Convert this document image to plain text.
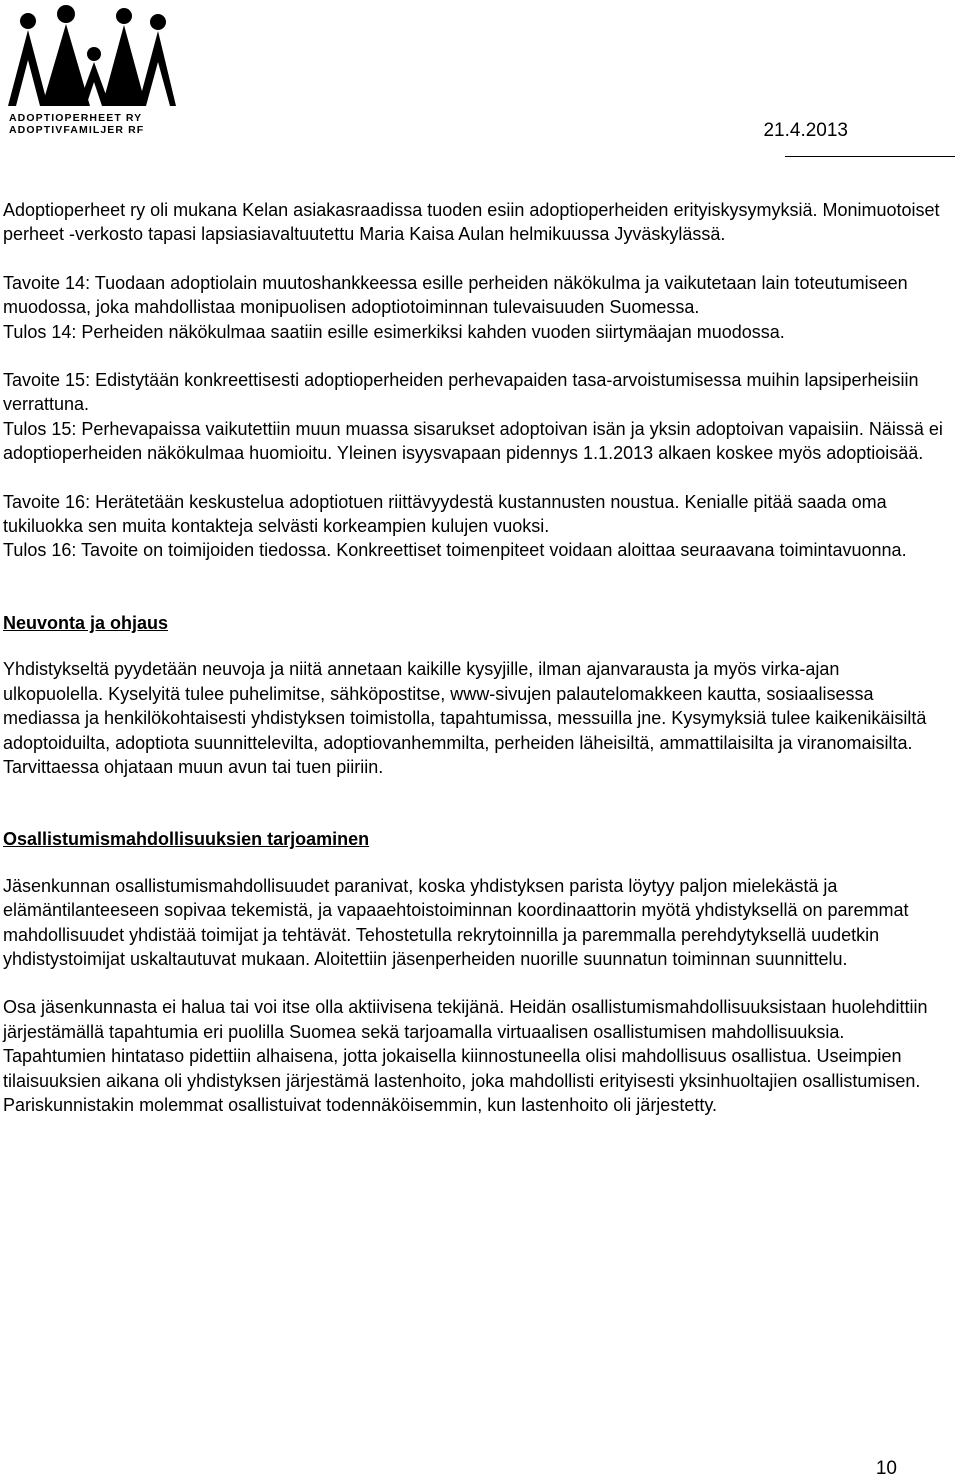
ADOPTIOPERHEET RY
ADOPTIVFAMILJER RF	21.4.2013

Adoptioperheet ry oli mukana Kelan asiakasraadissa tuoden esiin adoptioperheiden erityiskysymyksiä. Monimuotoiset perheet -verkosto tapasi lapsiasiavaltuutettu Maria Kaisa Aulan helmikuussa Jyväskylässä.

Tavoite 14: Tuodaan adoptiolain muutoshankkeessa esille perheiden näkökulma ja vaikutetaan lain toteutumiseen muodossa, joka mahdollistaa monipuolisen adoptiotoiminnan tulevaisuuden Suomessa.

Tulos 14: Perheiden näkökulmaa saatiin esille esimerkiksi kahden vuoden siirtymäajan muodossa.

Tavoite 15: Edistytään konkreettisesti adoptioperheiden perhevapaiden tasa-arvoistumisessa muihin lapsiperheisiin verrattuna.

Tulos 15: Perhevapaissa vaikutettiin muun muassa sisarukset adoptoivan isän ja yksin adoptoivan vapaisiin. Näissä ei adoptioperheiden näkökulmaa huomioitu. Yleinen isyysvapaan pidennys 1.1.2013 alkaen koskee myös adoptioisää.

Tavoite 16: Herätetään keskustelua adoptiotuen riittävyydestä kustannusten noustua. Kenialle pitää saada oma tukiluokka sen muita kontakteja selvästi korkeampien kulujen vuoksi.

Tulos 16: Tavoite on toimijoiden tiedossa. Konkreettiset toimenpiteet voidaan aloittaa seuraavana toimintavuonna.

Neuvonta ja ohjaus

Yhdistykseltä pyydetään neuvoja ja niitä annetaan kaikille kysyjille, ilman ajanvarausta ja myös virka-ajan ulkopuolella. Kyselyitä tulee puhelimitse, sähköpostitse, www-sivujen palautelomakkeen kautta, sosiaalisessa mediassa ja henkilökohtaisesti yhdistyksen toimistolla, tapahtumissa, messuilla jne. Kysymyksiä tulee kaikenikäisiltä adoptoiduilta, adoptiota suunnittelevilta, adoptiovanhemmilta, perheiden läheisiltä, ammattilaisilta ja viranomaisilta. Tarvittaessa ohjataan muun avun tai tuen piiriin.

Osallistumismahdollisuuksien tarjoaminen

Jäsenkunnan osallistumismahdollisuudet paranivat, koska yhdistyksen parista löytyy paljon mielekästä ja elämäntilanteeseen sopivaa tekemistä, ja vapaaehtoistoiminnan koordinaattorin myötä yhdistyksellä on paremmat mahdollisuudet yhdistää toimijat ja tehtävät. Tehostetulla rekrytoinnilla ja paremmalla perehdytyksellä uudetkin yhdistystoimijat uskaltautuvat mukaan. Aloitettiin jäsenperheiden nuorille suunnatun toiminnan suunnittelu.

Osa jäsenkunnasta ei halua tai voi itse olla aktiivisena tekijänä. Heidän osallistumismahdollisuuksistaan huolehdittiin järjestämällä tapahtumia eri puolilla Suomea sekä tarjoamalla virtuaalisen osallistumisen mahdollisuuksia. Tapahtumien hintataso pidettiin alhaisena, jotta jokaisella kiinnostuneella olisi mahdollisuus osallistua. Useimpien tilaisuuksien aikana oli yhdistyksen järjestämä lastenhoito, joka mahdollisti erityisesti yksinhuoltajien osallistumisen. Pariskunnistakin molemmat osallistuivat todennäköisemmin, kun lastenhoito oli järjestetty.

10
